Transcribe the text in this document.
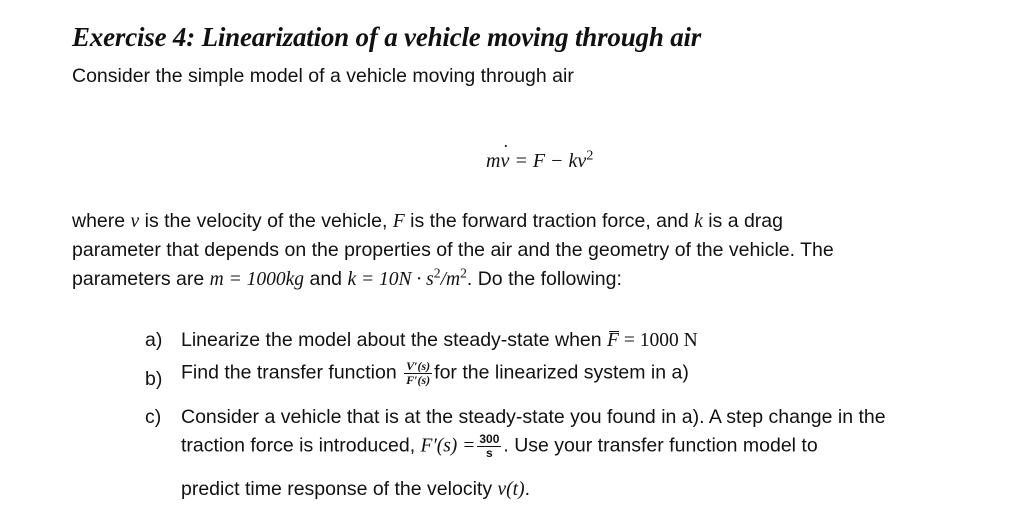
Exercise 4: Linearization of a vehicle moving through air
Consider the simple model of a vehicle moving through air
mv ˙ = $F - kv^2$
where v is the velocity of the vehicle, F is the forward traction force, and k is a drag
parameter that depends on the properties of the air and the geometry of the vehicle. The
parameters are m = 1000kg and $k = 10N \cdot s^2/m^2$. Do the following:
a) Linearize the model about the steady-state when F = 1000 N
b) Find the transfer function $\frac{V'(s)}{F'(s)}$ for the linearized system in a)
c) Consider a vehicle that is at the steady-state you found in a). A step change in the
traction force is introduced, $F'(s) = \frac{300}{s}$ . Use your transfer function model to
predict time response of the velocity v(t).
